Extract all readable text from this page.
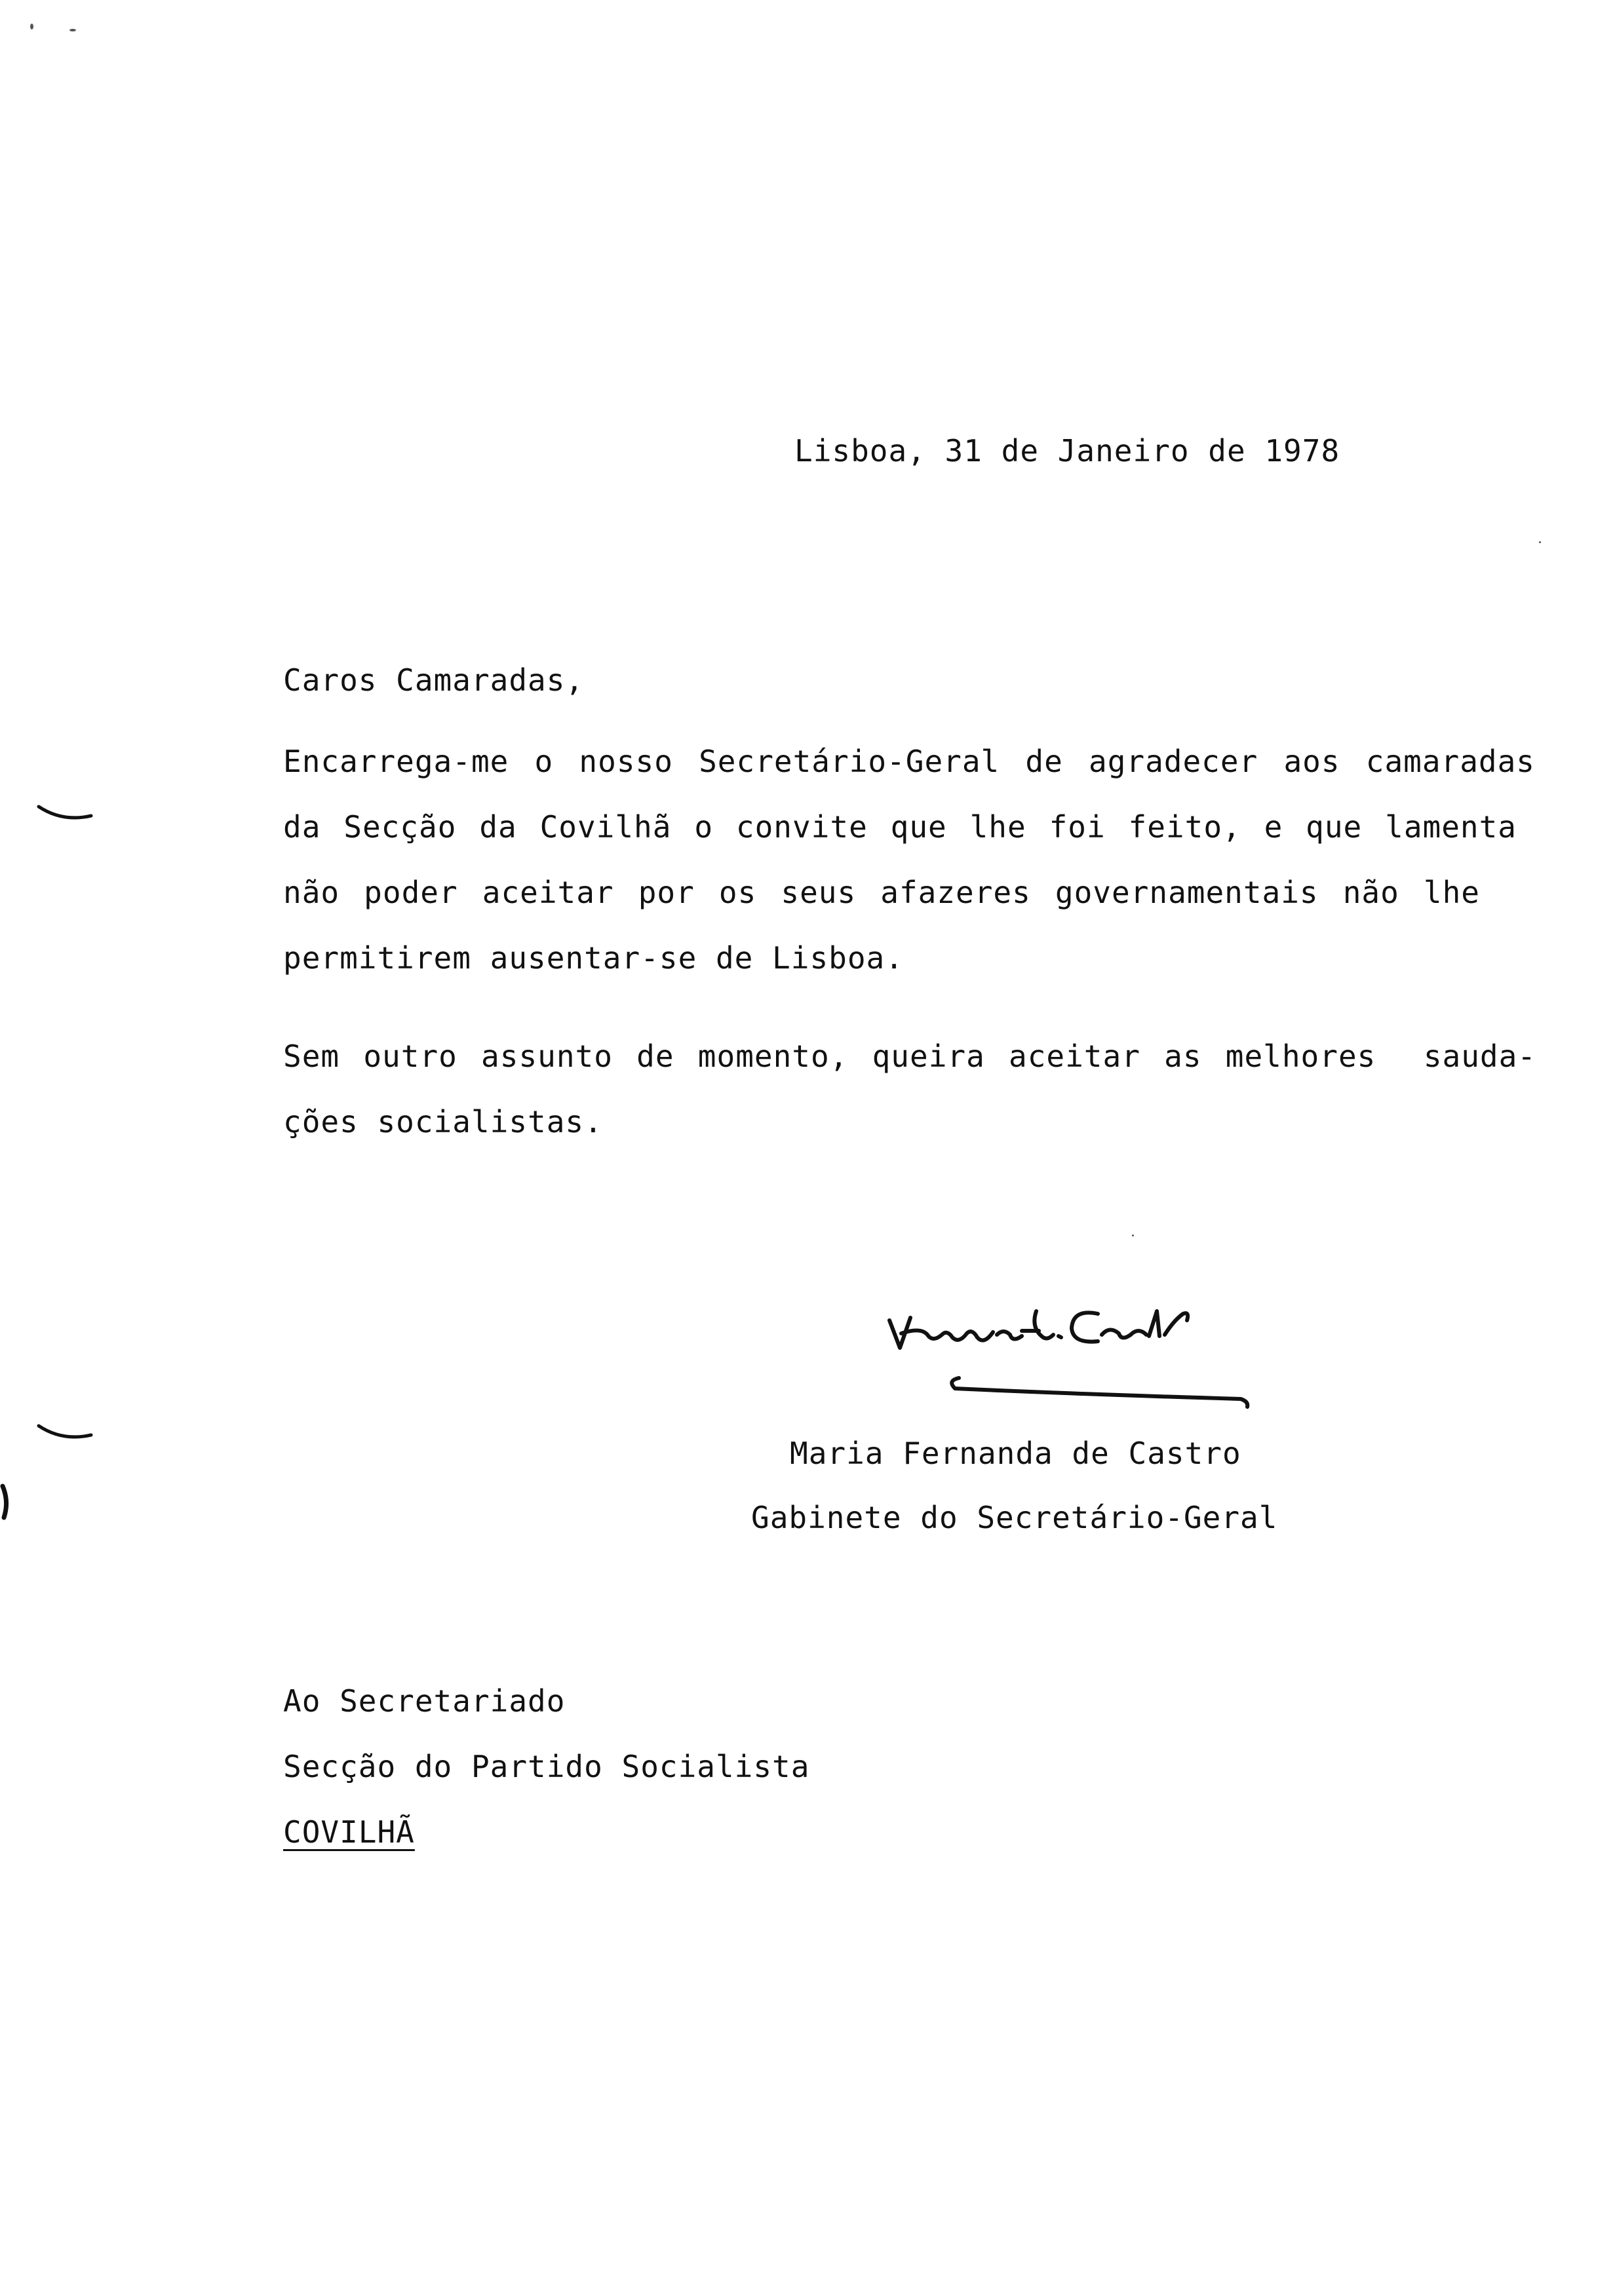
Lisboa, 31 de Janeiro de 1978
Caros Camaradas,
Encarrega-me o nosso Secretário-Geral de agradecer aos camaradas
da Secção da Covilhã o convite que lhe foi feito, e que lamenta
não poder aceitar por os seus afazeres governamentais não lhe
permitirem ausentar-se de Lisboa.
Sem outro assunto de momento, queira aceitar as melhores  sauda-
ções socialistas.
Maria Fernanda de Castro
Gabinete do Secretário-Geral
Ao Secretariado
Secção do Partido Socialista
COVILHÃ
